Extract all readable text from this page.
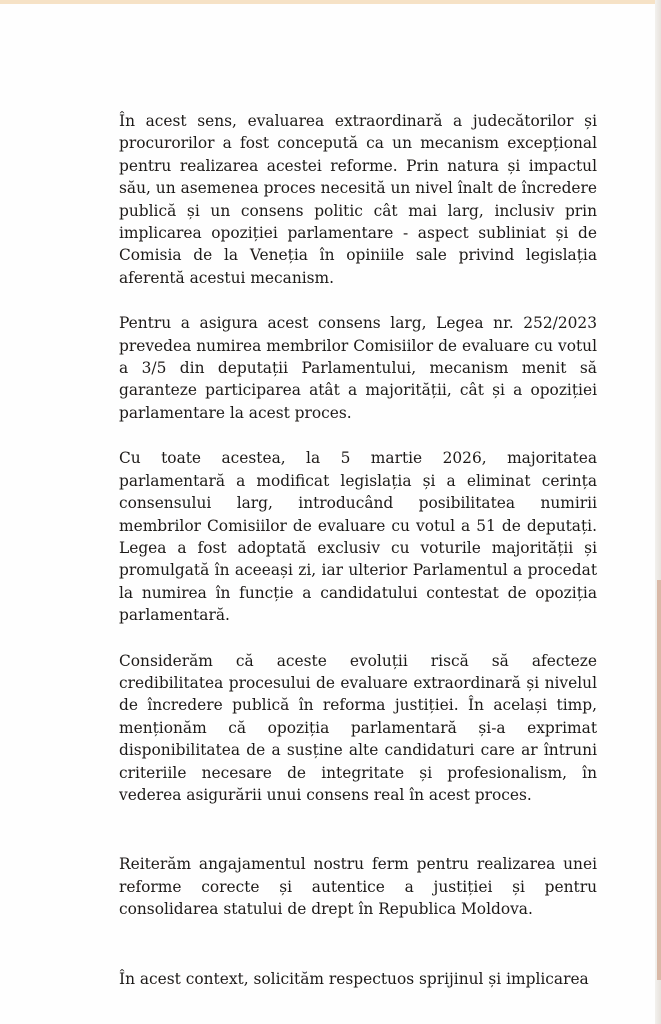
În acest sens, evaluarea extraordinară a judecătorilor și procurorilor a fost concepută ca un mecanism excepțional pentru realizarea acestei reforme. Prin natura și impactul său, un asemenea proces necesită un nivel înalt de încredere publică și un consens politic cât mai larg, inclusiv prin implicarea opoziției parlamentare - aspect subliniat și de Comisia de la Veneția în opiniile sale privind legislația aferentă acestui mecanism.

Pentru a asigura acest consens larg, Legea nr. 252/2023 prevedea numirea membrilor Comisiilor de evaluare cu votul a 3/5 din deputații Parlamentului, mecanism menit să garanteze participarea atât a majorității, cât și a opoziției parlamentare la acest proces.

Cu toate acestea, la 5 martie 2026, majoritatea parlamentară a modificat legislația și a eliminat cerința consensului larg, introducând posibilitatea numirii membrilor Comisiilor de evaluare cu votul a 51 de deputați. Legea a fost adoptată exclusiv cu voturile majorității și promulgată în aceeași zi, iar ulterior Parlamentul a procedat la numirea în funcție a candidatului contestat de opoziția parlamentară.

Considerăm că aceste evoluții riscă să afecteze credibilitatea procesului de evaluare extraordinară și nivelul de încredere publică în reforma justiției. În același timp, menționăm că opoziția parlamentară și-a exprimat disponibilitatea de a susține alte candidaturi care ar întruni criteriile necesare de integritate și profesionalism, în vederea asigurării unui consens real în acest proces.

Reiterăm angajamentul nostru ferm pentru realizarea unei reforme corecte și autentice a justiției și pentru consolidarea statului de drept în Republica Moldova.

În acest context, solicităm respectuos sprijinul și implicarea
